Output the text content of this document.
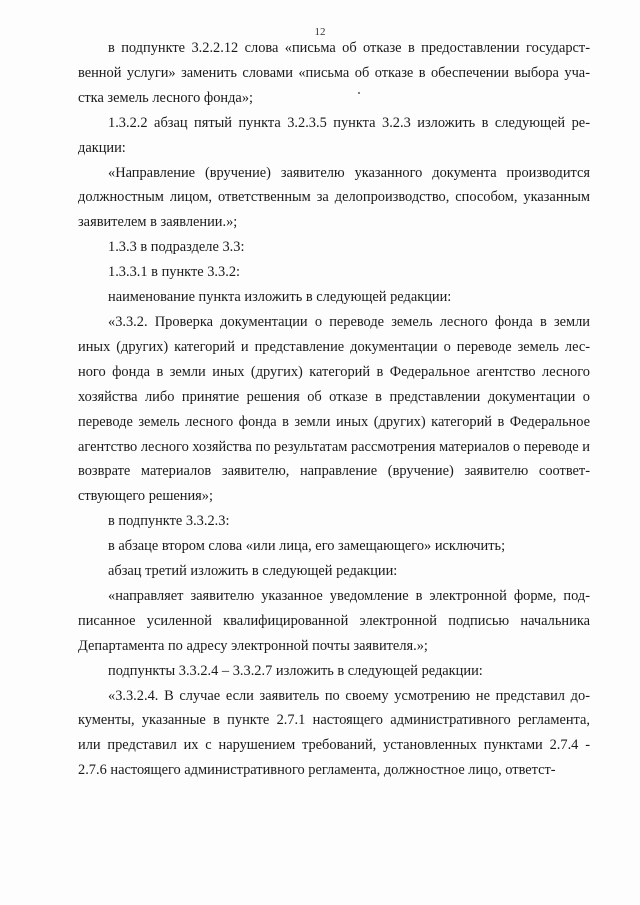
12

в подпункте 3.2.2.12 слова «письма об отказе в предоставлении государственной услуги» заменить словами «письма об отказе в обеспечении выбора участка земель лесного фонда»;

1.3.2.2 абзац пятый пункта 3.2.3.5 пункта 3.2.3 изложить в следующей редакции:

«Направление (вручение) заявителю указанного документа производится должностным лицом, ответственным за делопроизводство, способом, указанным заявителем в заявлении.»;

1.3.3 в подразделе 3.3:

1.3.3.1 в пункте 3.3.2:

наименование пункта изложить в следующей редакции:

«3.3.2. Проверка документации о переводе земель лесного фонда в земли иных (других) категорий и представление документации о переводе земель лесного фонда в земли иных (других) категорий в Федеральное агентство лесного хозяйства либо принятие решения об отказе в представлении документации о переводе земель лесного фонда в земли иных (других) категорий в Федеральное агентство лесного хозяйства по результатам рассмотрения материалов о переводе и возврате материалов заявителю, направление (вручение) заявителю соответствующего решения»;

в подпункте 3.3.2.3:

в абзаце втором слова «или лица, его замещающего» исключить;

абзац третий изложить в следующей редакции:

«направляет заявителю указанное уведомление в электронной форме, подписанное усиленной квалифицированной электронной подписью начальника Департамента по адресу электронной почты заявителя.»;

подпункты 3.3.2.4 – 3.3.2.7 изложить в следующей редакции:

«3.3.2.4. В случае если заявитель по своему усмотрению не представил документы, указанные в пункте 2.7.1 настоящего административного регламента, или представил их с нарушением требований, установленных пунктами 2.7.4 - 2.7.6 настоящего административного регламента, должностное лицо, ответст-
